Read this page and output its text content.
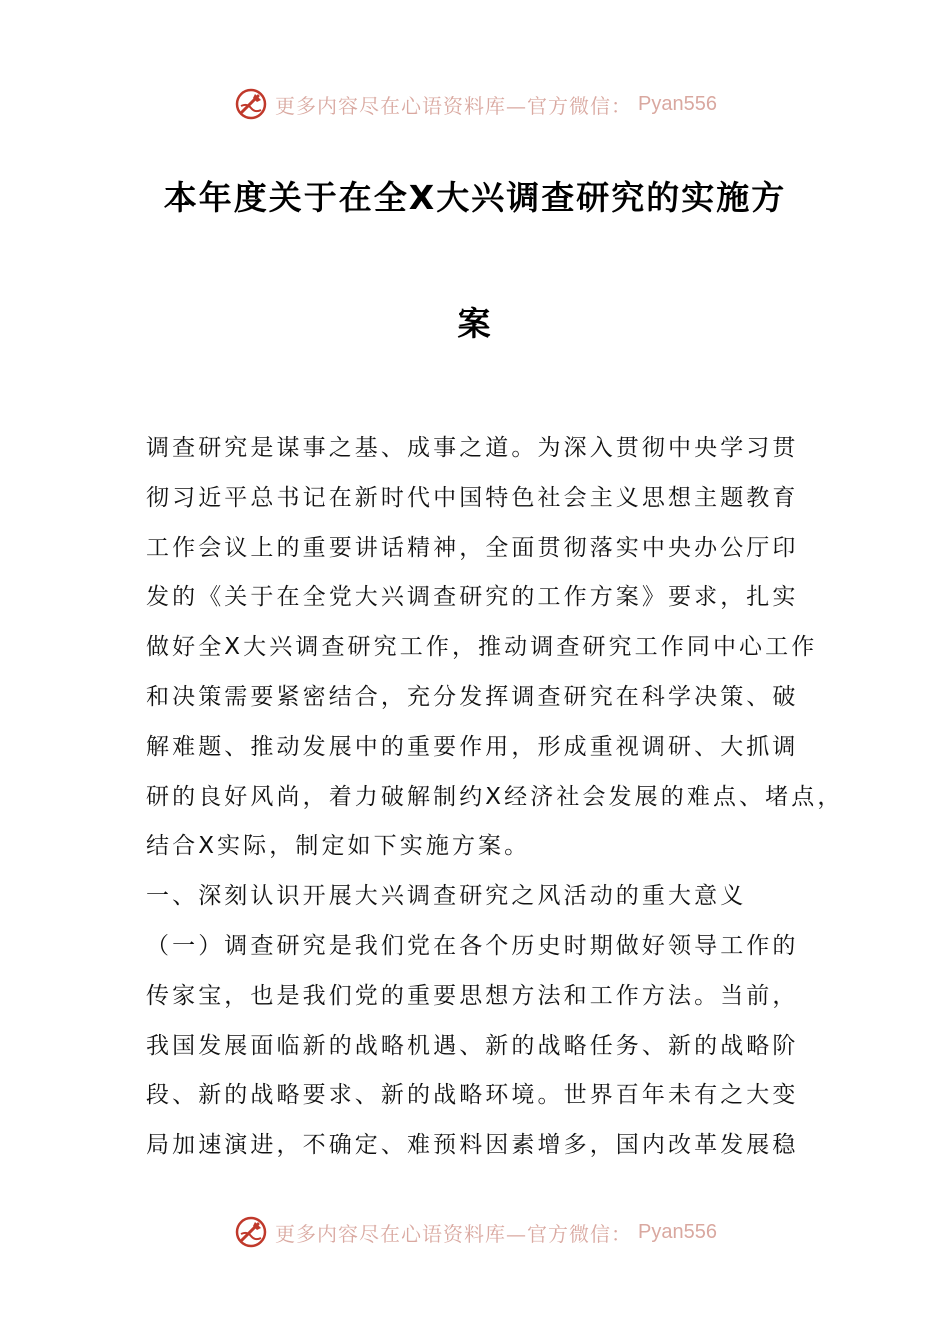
更多内容尽在心语资料库—官方微信： Pyan556
本年度关于在全X大兴调查研究的实施方
案
调查研究是谋事之基、成事之道。为深入贯彻中央学习贯
彻习近平总书记在新时代中国特色社会主义思想主题教育
工作会议上的重要讲话精神，全面贯彻落实中央办公厅印
发的《关于在全党大兴调查研究的工作方案》要求，扎实
做好全X大兴调查研究工作，推动调查研究工作同中心工作
和决策需要紧密结合，充分发挥调查研究在科学决策、破
解难题、推动发展中的重要作用，形成重视调研、大抓调
研的良好风尚，着力破解制约X经济社会发展的难点、堵点，
结合X实际，制定如下实施方案。
一、深刻认识开展大兴调查研究之风活动的重大意义
（一）调查研究是我们党在各个历史时期做好领导工作的
传家宝，也是我们党的重要思想方法和工作方法。当前，
我国发展面临新的战略机遇、新的战略任务、新的战略阶
段、新的战略要求、新的战略环境。世界百年未有之大变
局加速演进，不确定、难预料因素增多，国内改革发展稳
更多内容尽在心语资料库—官方微信： Pyan556
